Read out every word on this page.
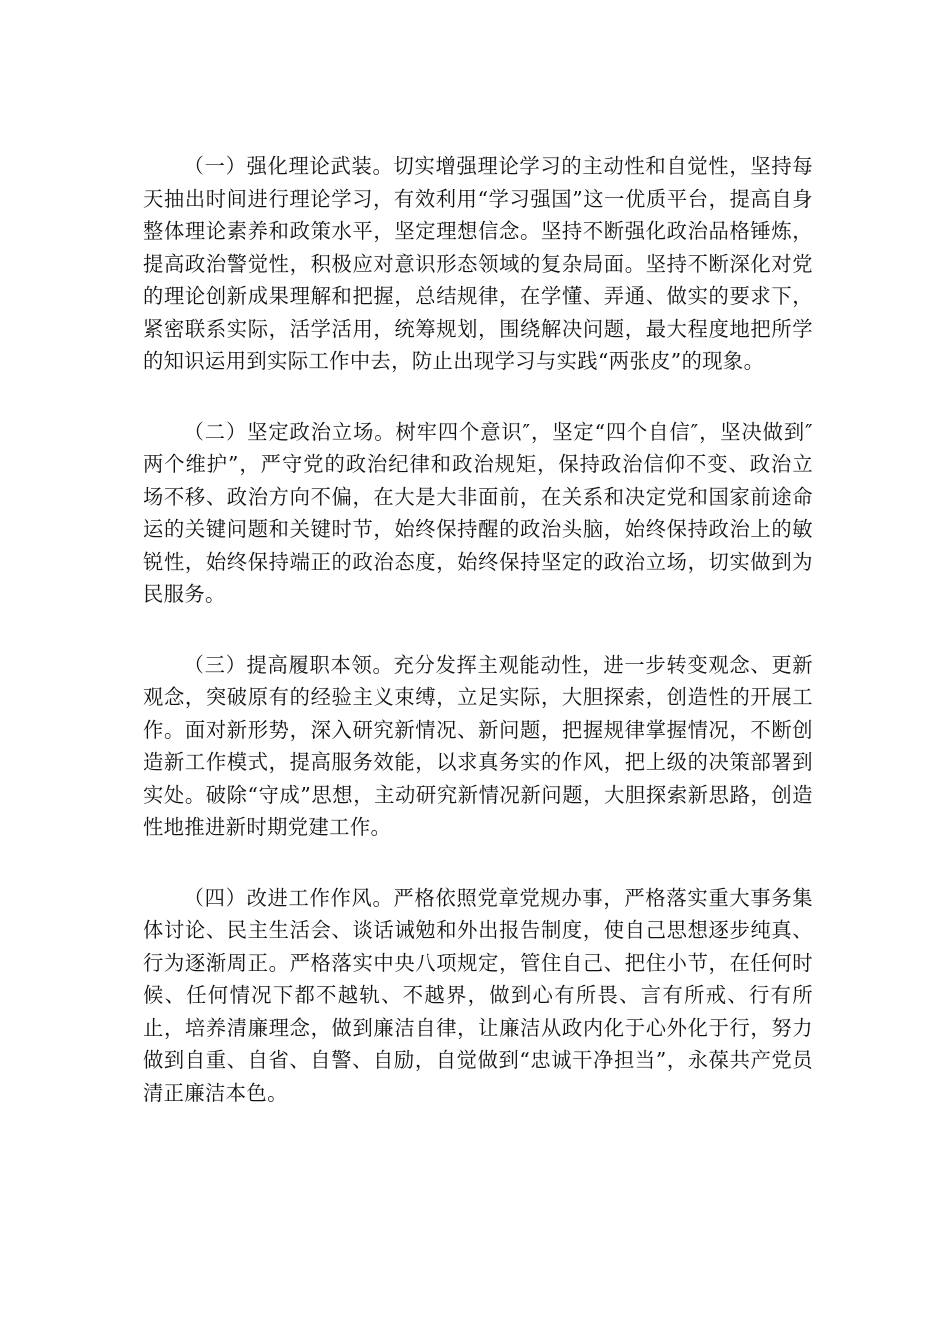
（一）强化理论武装。切实增强理论学习的主动性和自觉性，坚持每天抽出时间进行理论学习，有效利用“学习强国”这一优质平台，提高自身整体理论素养和政策水平，坚定理想信念。坚持不断强化政治品格锤炼，提高政治警觉性，积极应对意识形态领域的复杂局面。坚持不断深化对党的理论创新成果理解和把握，总结规律，在学懂、弄通、做实的要求下，紧密联系实际，活学活用，统筹规划，围绕解决问题，最大程度地把所学的知识运用到实际工作中去，防止出现学习与实践“两张皮”的现象。

（二）坚定政治立场。树牢四个意识″，坚定“四个自信″，坚决做到″两个维护”，严守党的政治纪律和政治规矩，保持政治信仰不变、政治立场不移、政治方向不偏，在大是大非面前，在关系和决定党和国家前途命运的关键问题和关键时节，始终保持醒的政治头脑，始终保持政治上的敏锐性，始终保持端正的政治态度，始终保持坚定的政治立场，切实做到为民服务。

（三）提高履职本领。充分发挥主观能动性，进一步转变观念、更新观念，突破原有的经验主义束缚，立足实际，大胆探索，创造性的开展工作。面对新形势，深入研究新情况、新问题，把握规律掌握情况，不断创造新工作模式，提高服务效能，以求真务实的作风，把上级的决策部署到实处。破除“守成”思想，主动研究新情况新问题，大胆探索新思路，创造性地推进新时期党建工作。

（四）改进工作作风。严格依照党章党规办事，严格落实重大事务集体讨论、民主生活会、谈话诫勉和外出报告制度，使自己思想逐步纯真、行为逐渐周正。严格落实中央八项规定，管住自己、把住小节，在任何时候、任何情况下都不越轨、不越界，做到心有所畏、言有所戒、行有所止，培养清廉理念，做到廉洁自律，让廉洁从政内化于心外化于行，努力做到自重、自省、自警、自励，自觉做到“忠诚干净担当”，永葆共产党员清正廉洁本色。
